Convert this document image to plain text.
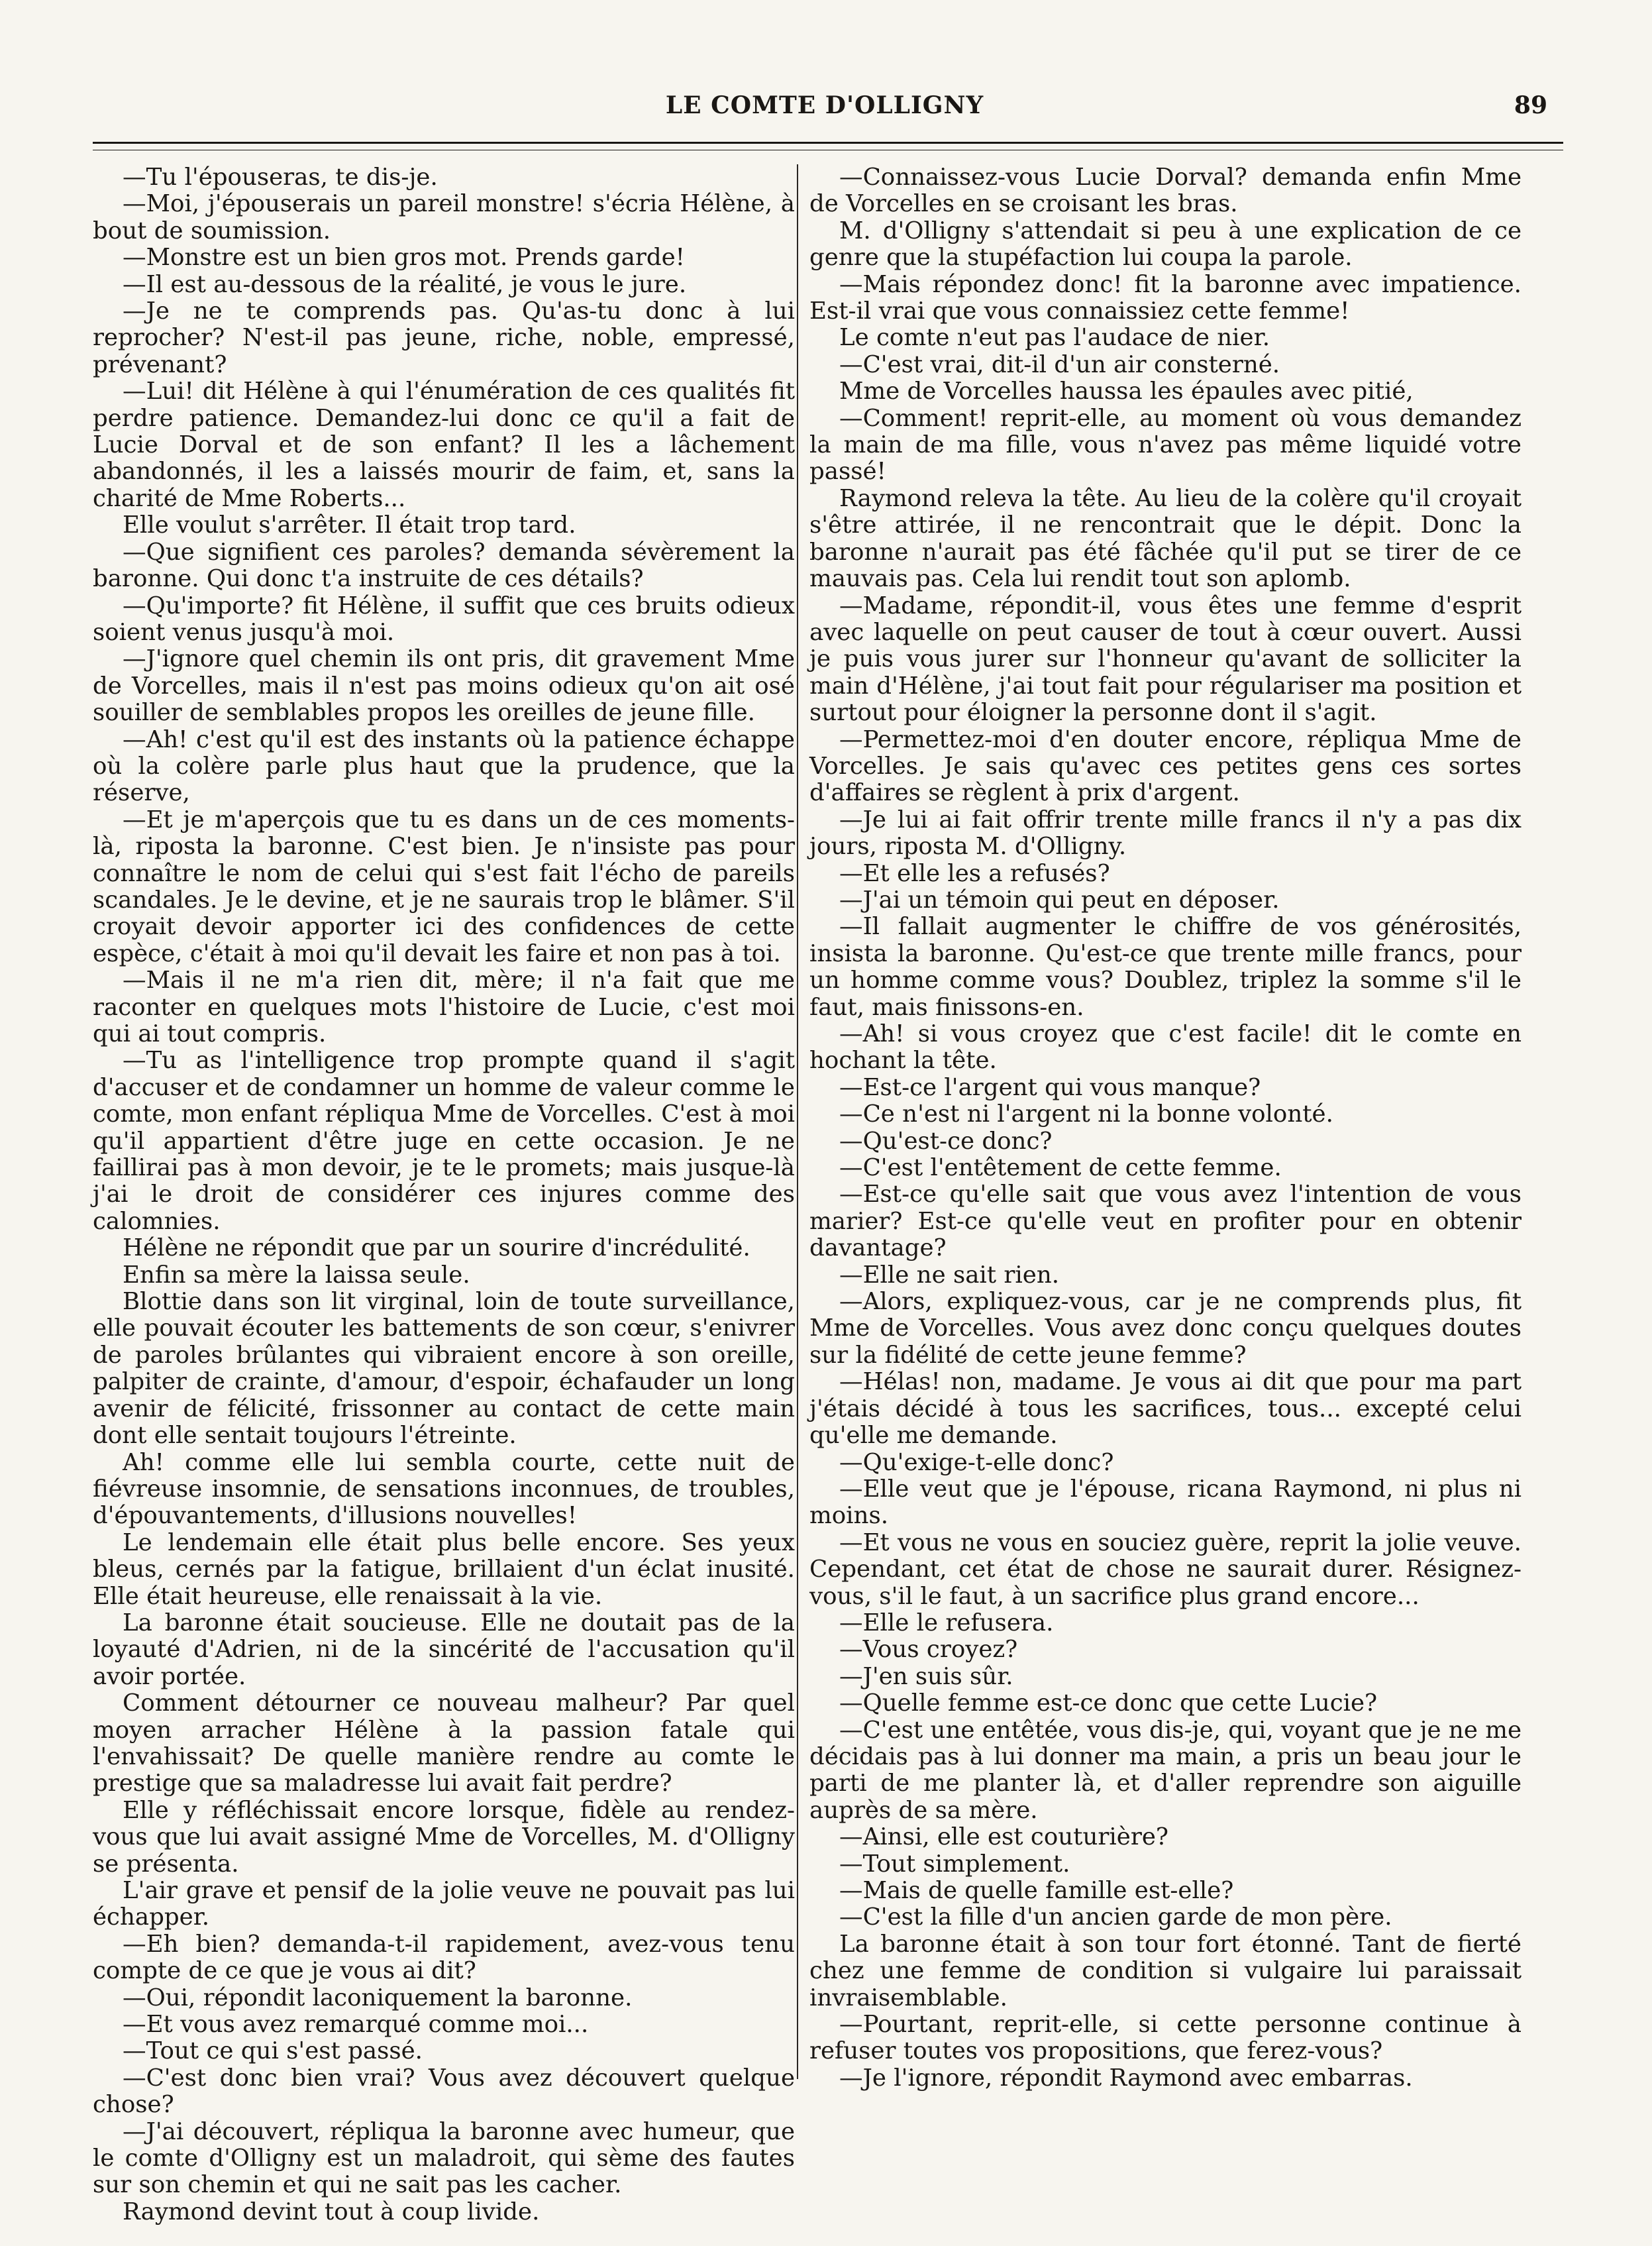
LE COMTE D'OLLIGNY	89

—Tu l'épouseras, te dis-je.

—Moi, j'épouserais un pareil monstre! s'écria Hélène, à bout de soumission.

—Monstre est un bien gros mot. Prends garde!

—Il est au-dessous de la réalité, je vous le jure.

—Je ne te comprends pas. Qu'as-tu donc à lui reprocher? N'est-il pas jeune, riche, noble, empressé, prévenant?

—Lui! dit Hélène à qui l'énumération de ces qualités fit perdre patience. Demandez-lui donc ce qu'il a fait de Lucie Dorval et de son enfant? Il les a lâchement abandonnés, il les a laissés mourir de faim, et, sans la charité de Mme Roberts...

Elle voulut s'arrêter. Il était trop tard.

—Que signifient ces paroles? demanda sévèrement la baronne. Qui donc t'a instruite de ces détails?

—Qu'importe? fit Hélène, il suffit que ces bruits odieux soient venus jusqu'à moi.

—J'ignore quel chemin ils ont pris, dit gravement Mme de Vorcelles, mais il n'est pas moins odieux qu'on ait osé souiller de semblables propos les oreilles de jeune fille.

—Ah! c'est qu'il est des instants où la patience échappe où la colère parle plus haut que la prudence, que la réserve,

—Et je m'aperçois que tu es dans un de ces moments-là, riposta la baronne. C'est bien. Je n'insiste pas pour connaître le nom de celui qui s'est fait l'écho de pareils scandales. Je le devine, et je ne saurais trop le blâmer. S'il croyait devoir apporter ici des confidences de cette espèce, c'était à moi qu'il devait les faire et non pas à toi.

—Mais il ne m'a rien dit, mère; il n'a fait que me raconter en quelques mots l'histoire de Lucie, c'est moi qui ai tout compris.

—Tu as l'intelligence trop prompte quand il s'agit d'accuser et de condamner un homme de valeur comme le comte, mon enfant répliqua Mme de Vorcelles. C'est à moi qu'il appartient d'être juge en cette occasion. Je ne faillirai pas à mon devoir, je te le promets; mais jusque-là j'ai le droit de considérer ces injures comme des calomnies.

Hélène ne répondit que par un sourire d'incrédulité.

Enfin sa mère la laissa seule.

Blottie dans son lit virginal, loin de toute surveillance, elle pouvait écouter les battements de son cœur, s'enivrer de paroles brûlantes qui vibraient encore à son oreille, palpiter de crainte, d'amour, d'espoir, échafauder un long avenir de félicité, frissonner au contact de cette main dont elle sentait toujours l'étreinte.

Ah! comme elle lui sembla courte, cette nuit de fiévreuse insomnie, de sensations inconnues, de troubles, d'épouvantements, d'illusions nouvelles!

Le lendemain elle était plus belle encore. Ses yeux bleus, cernés par la fatigue, brillaient d'un éclat inusité. Elle était heureuse, elle renaissait à la vie.

La baronne était soucieuse. Elle ne doutait pas de la loyauté d'Adrien, ni de la sincérité de l'accusation qu'il avoir portée.

Comment détourner ce nouveau malheur? Par quel moyen arracher Hélène à la passion fatale qui l'envahissait? De quelle manière rendre au comte le prestige que sa maladresse lui avait fait perdre?

Elle y réfléchissait encore lorsque, fidèle au rendez-vous que lui avait assigné Mme de Vorcelles, M. d'Olligny se présenta.

L'air grave et pensif de la jolie veuve ne pouvait pas lui échapper.

—Eh bien? demanda-t-il rapidement, avez-vous tenu compte de ce que je vous ai dit?

—Oui, répondit laconiquement la baronne.

—Et vous avez remarqué comme moi...

—Tout ce qui s'est passé.

—C'est donc bien vrai? Vous avez découvert quelque chose?

—J'ai découvert, répliqua la baronne avec humeur, que le comte d'Olligny est un maladroit, qui sème des fautes sur son chemin et qui ne sait pas les cacher.

Raymond devint tout à coup livide.

—Connaissez-vous Lucie Dorval? demanda enfin Mme de Vorcelles en se croisant les bras.

M. d'Olligny s'attendait si peu à une explication de ce genre que la stupéfaction lui coupa la parole.

—Mais répondez donc! fit la baronne avec impatience. Est-il vrai que vous connaissiez cette femme!

Le comte n'eut pas l'audace de nier.

—C'est vrai, dit-il d'un air consterné.

Mme de Vorcelles haussa les épaules avec pitié,

—Comment! reprit-elle, au moment où vous demandez la main de ma fille, vous n'avez pas même liquidé votre passé!

Raymond releva la tête. Au lieu de la colère qu'il croyait s'être attirée, il ne rencontrait que le dépit. Donc la baronne n'aurait pas été fâchée qu'il put se tirer de ce mauvais pas. Cela lui rendit tout son aplomb.

—Madame, répondit-il, vous êtes une femme d'esprit avec laquelle on peut causer de tout à cœur ouvert. Aussi je puis vous jurer sur l'honneur qu'avant de solliciter la main d'Hélène, j'ai tout fait pour régulariser ma position et surtout pour éloigner la personne dont il s'agit.

—Permettez-moi d'en douter encore, répliqua Mme de Vorcelles. Je sais qu'avec ces petites gens ces sortes d'affaires se règlent à prix d'argent.

—Je lui ai fait offrir trente mille francs il n'y a pas dix jours, riposta M. d'Olligny.

—Et elle les a refusés?

—J'ai un témoin qui peut en déposer.

—Il fallait augmenter le chiffre de vos générosités, insista la baronne. Qu'est-ce que trente mille francs, pour un homme comme vous? Doublez, triplez la somme s'il le faut, mais finissons-en.

—Ah! si vous croyez que c'est facile! dit le comte en hochant la tête.

—Est-ce l'argent qui vous manque?

—Ce n'est ni l'argent ni la bonne volonté.

—Qu'est-ce donc?

—C'est l'entêtement de cette femme.

—Est-ce qu'elle sait que vous avez l'intention de vous marier? Est-ce qu'elle veut en profiter pour en obtenir davantage?

—Elle ne sait rien.

—Alors, expliquez-vous, car je ne comprends plus, fit Mme de Vorcelles. Vous avez donc conçu quelques doutes sur la fidélité de cette jeune femme?

—Hélas! non, madame. Je vous ai dit que pour ma part j'étais décidé à tous les sacrifices, tous... excepté celui qu'elle me demande.

—Qu'exige-t-elle donc?

—Elle veut que je l'épouse, ricana Raymond, ni plus ni moins.

—Et vous ne vous en souciez guère, reprit la jolie veuve. Cependant, cet état de chose ne saurait durer. Résignez-vous, s'il le faut, à un sacrifice plus grand encore...

—Elle le refusera.

—Vous croyez?

—J'en suis sûr.

—Quelle femme est-ce donc que cette Lucie?

—C'est une entêtée, vous dis-je, qui, voyant que je ne me décidais pas à lui donner ma main, a pris un beau jour le parti de me planter là, et d'aller reprendre son aiguille auprès de sa mère.

—Ainsi, elle est couturière?

—Tout simplement.

—Mais de quelle famille est-elle?

—C'est la fille d'un ancien garde de mon père.

La baronne était à son tour fort étonné. Tant de fierté chez une femme de condition si vulgaire lui paraissait invraisemblable.

—Pourtant, reprit-elle, si cette personne continue à refuser toutes vos propositions, que ferez-vous?

—Je l'ignore, répondit Raymond avec embarras.
